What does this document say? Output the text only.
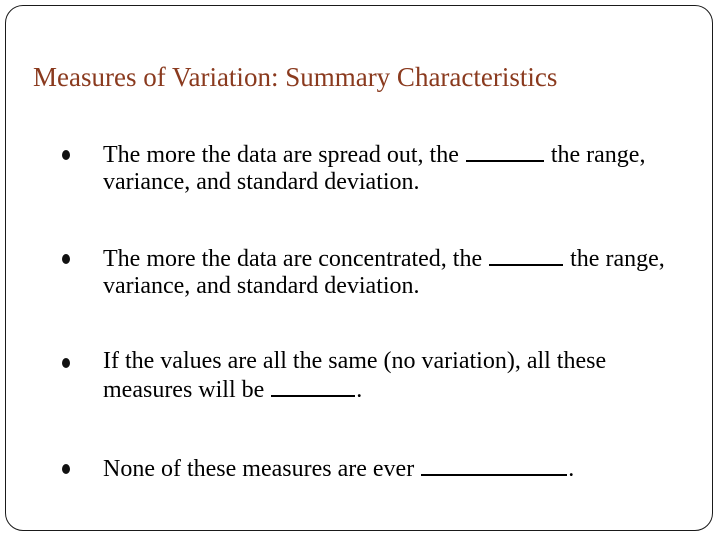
Measures of Variation: Summary Characteristics
The more the data are spread out, the	the range, variance, and standard deviation.
The more the data are concentrated, the	the range, variance, and standard deviation.
If the values are all the same (no variation), all these measures will be	.
None of these measures are ever	.
